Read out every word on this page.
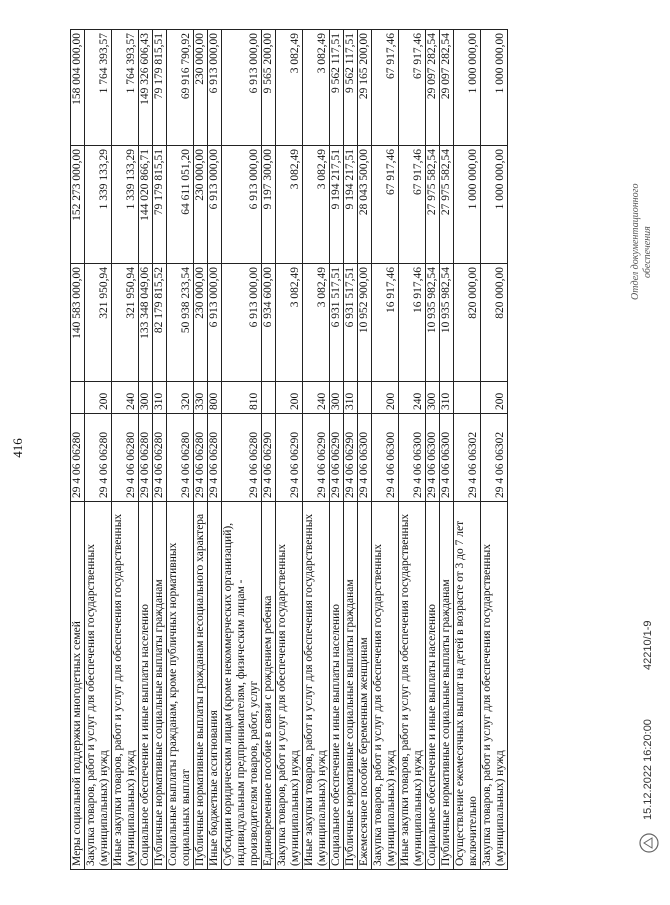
416
Меры социальной поддержки многодетных семей	29 4 06 06280		140 583 000,00	152 273 000,00	158 004 000,00
Закупка товаров, работ и услуг для обеспечения государственных (муниципальных) нужд	29 4 06 06280	200	321 950,94	1 339 133,29	1 764 393,57
Иные закупки товаров, работ и услуг для обеспечения государственных (муниципальных) нужд	29 4 06 06280	240	321 950,94	1 339 133,29	1 764 393,57
Социальное обеспечение и иные выплаты населению	29 4 06 06280	300	133 348 049,06	144 020 866,71	149 326 606,43
Публичные нормативные социальные выплаты гражданам	29 4 06 06280	310	82 179 815,52	79 179 815,51	79 179 815,51
Социальные выплаты гражданам, кроме публичных нормативных социальных выплат	29 4 06 06280	320	50 938 233,54	64 611 051,20	69 916 790,92
Публичные нормативные выплаты гражданам несоциального характера	29 4 06 06280	330	230 000,00	230 000,00	230 000,00
Иные бюджетные ассигнования	29 4 06 06280	800	6 913 000,00	6 913 000,00	6 913 000,00
Субсидии юридическим лицам (кроме некоммерческих организаций), индивидуальным предпринимателям, физическим лицам - производителям товаров, работ, услуг	29 4 06 06280	810	6 913 000,00	6 913 000,00	6 913 000,00
Единовременное пособие в связи с рождением ребенка	29 4 06 06290		6 934 600,00	9 197 300,00	9 565 200,00
Закупка товаров, работ и услуг для обеспечения государственных (муниципальных) нужд	29 4 06 06290	200	3 082,49	3 082,49	3 082,49
Иные закупки товаров, работ и услуг для обеспечения государственных (муниципальных) нужд	29 4 06 06290	240	3 082,49	3 082,49	3 082,49
Социальное обеспечение и иные выплаты населению	29 4 06 06290	300	6 931 517,51	9 194 217,51	9 562 117,51
Публичные нормативные социальные выплаты гражданам	29 4 06 06290	310	6 931 517,51	9 194 217,51	9 562 117,51
Ежемесячное пособие беременным женщинам	29 4 06 06300		10 952 900,00	28 043 500,00	29 165 200,00
Закупка товаров, работ и услуг для обеспечения государственных (муниципальных) нужд	29 4 06 06300	200	16 917,46	67 917,46	67 917,46
Иные закупки товаров, работ и услуг для обеспечения государственных (муниципальных) нужд	29 4 06 06300	240	16 917,46	67 917,46	67 917,46
Социальное обеспечение и иные выплаты населению	29 4 06 06300	300	10 935 982,54	27 975 582,54	29 097 282,54
Публичные нормативные социальные выплаты гражданам	29 4 06 06300	310	10 935 982,54	27 975 582,54	29 097 282,54
Осуществление ежемесячных выплат на детей в возрасте от 3 до 7 лет включительно	29 4 06 06302		820 000,00	1 000 000,00	1 000 000,00
Закупка товаров, работ и услуг для обеспечения государственных (муниципальных) нужд	29 4 06 06302	200	820 000,00	1 000 000,00	1 000 000,00
15.12.2022 16:20:00
42210/1-9
Отдел документационного обеспечения
